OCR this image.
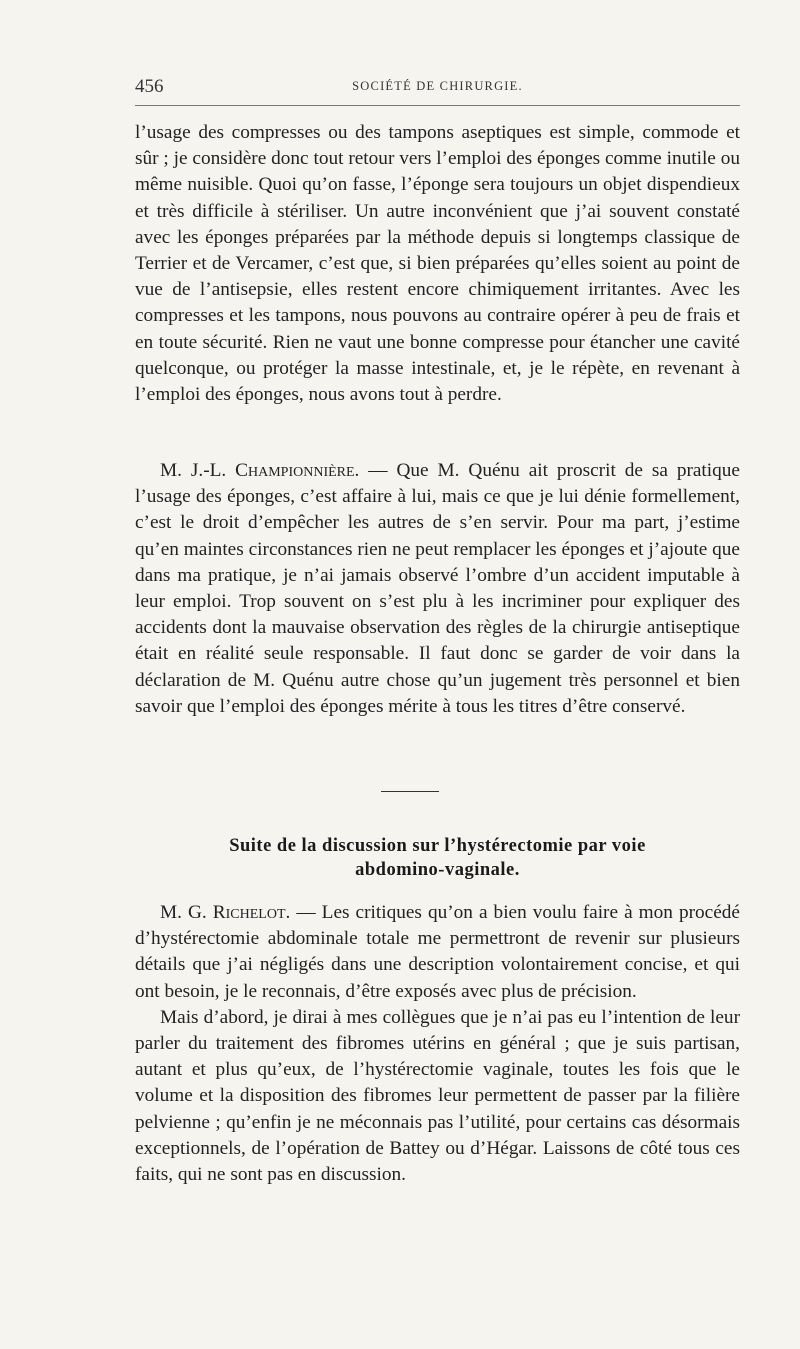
456	SOCIÉTÉ DE CHIRURGIE.

l’usage des compresses ou des tampons aseptiques est simple, commode et sûr ; je considère donc tout retour vers l’emploi des éponges comme inutile ou même nuisible. Quoi qu’on fasse, l’éponge sera toujours un objet dispendieux et très difficile à stériliser. Un autre inconvénient que j’ai souvent constaté avec les éponges préparées par la méthode depuis si longtemps classique de Terrier et de Vercamer, c’est que, si bien préparées qu’elles soient au point de vue de l’antisepsie, elles restent encore chimiquement irritantes. Avec les compresses et les tampons, nous pouvons au contraire opérer à peu de frais et en toute sécurité. Rien ne vaut une bonne compresse pour étancher une cavité quelconque, ou protéger la masse intestinale, et, je le répète, en revenant à l’emploi des éponges, nous avons tout à perdre.

M. J.-L. Championnière. — Que M. Quénu ait proscrit de sa pratique l’usage des éponges, c’est affaire à lui, mais ce que je lui dénie formellement, c’est le droit d’empêcher les autres de s’en servir. Pour ma part, j’estime qu’en maintes circonstances rien ne peut remplacer les éponges et j’ajoute que dans ma pratique, je n’ai jamais observé l’ombre d’un accident imputable à leur emploi. Trop souvent on s’est plu à les incriminer pour expliquer des accidents dont la mauvaise observation des règles de la chirurgie antiseptique était en réalité seule responsable. Il faut donc se garder de voir dans la déclaration de M. Quénu autre chose qu’un jugement très personnel et bien savoir que l’emploi des éponges mérite à tous les titres d’être conservé.

Suite de la discussion sur l’hystérectomie par voie
abdomino-vaginale.

M. G. Richelot. — Les critiques qu’on a bien voulu faire à mon procédé d’hystérectomie abdominale totale me permettront de revenir sur plusieurs détails que j’ai négligés dans une description volontairement concise, et qui ont besoin, je le reconnais, d’être exposés avec plus de précision.

Mais d’abord, je dirai à mes collègues que je n’ai pas eu l’intention de leur parler du traitement des fibromes utérins en général ; que je suis partisan, autant et plus qu’eux, de l’hystérectomie vaginale, toutes les fois que le volume et la disposition des fibromes leur permettent de passer par la filière pelvienne ; qu’enfin je ne méconnais pas l’utilité, pour certains cas désormais exceptionnels, de l’opération de Battey ou d’Hégar. Laissons de côté tous ces faits, qui ne sont pas en discussion.
